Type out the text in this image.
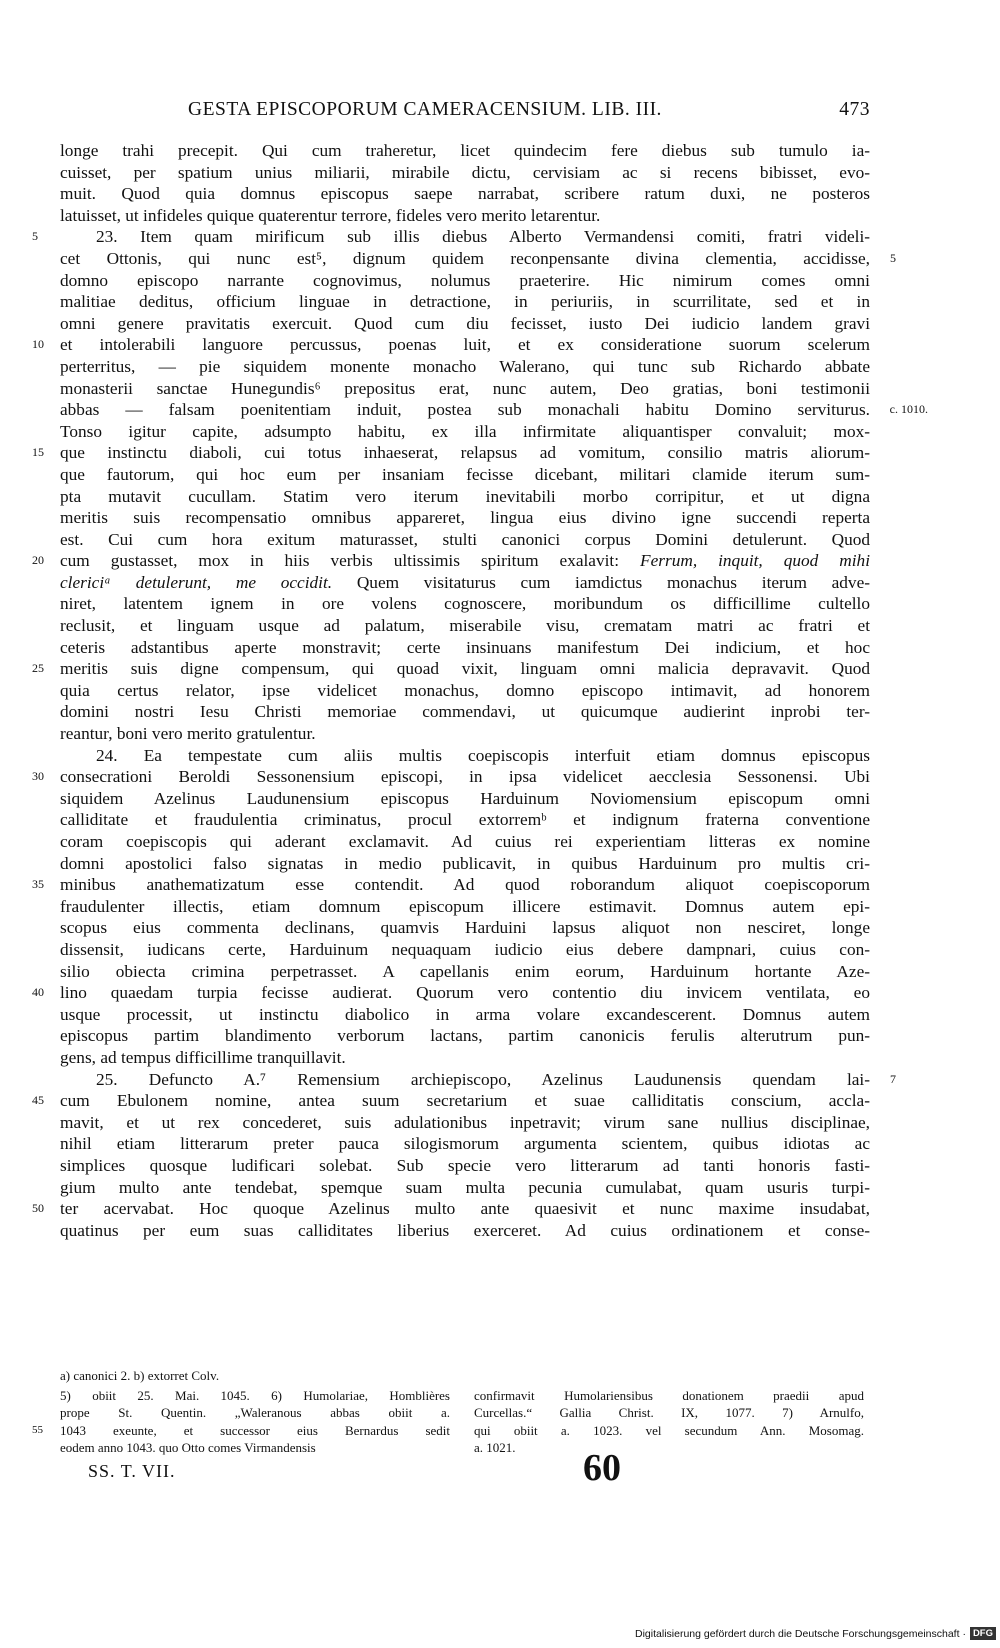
GESTA EPISCOPORUM CAMERACENSIUM. LIB. III.	473
longe trahi precepit. Qui cum traheretur, licet quindecim fere diebus sub tumulo ia-
cuisset, per spatium unius miliarii, mirabile dictu, cervisiam ac si recens bibisset, evo-
muit. Quod quia domnus episcopus saepe narrabat, scribere ratum duxi, ne posteros
latuisset, ut infideles quique quaterentur terrore, fideles vero merito letarentur.
5	23. Item quam mirificum sub illis diebus Alberto Vermandensi comiti, fratri videli-
cet Ottonis, qui nunc est⁵, dignum quidem reconpensante divina clementia, accidisse, 5
domno episcopo narrante cognovimus, nolumus praeterire. Hic nimirum comes omni
malitiae deditus, officium linguae in detractione, in periuriis, in scurrilitate, sed et in
omni genere pravitatis exercuit. Quod cum diu fecisset, iusto Dei iudicio landem gravi
10 et intolerabili languore percussus, poenas luit, et ex consideratione suorum scelerum
perterritus, — pie siquidem monente monacho Walerano, qui tunc sub Richardo abbate
monasterii sanctae Hunegundis⁶ prepositus erat, nunc autem, Deo gratias, boni testimonii
abbas — falsam poenitentiam induit, postea sub monachali habitu Domino serviturus. c. 1010.
Tonso igitur capite, adsumpto habitu, ex illa infirmitate aliquantisper convaluit; mox-
15 que instinctu diaboli, cui totus inhaeserat, relapsus ad vomitum, consilio matris aliorum-
que fautorum, qui hoc eum per insaniam fecisse dicebant, militari clamide iterum sum-
pta mutavit cucullam. Statim vero iterum inevitabili morbo corripitur, et ut digna
meritis suis recompensatio omnibus appareret, lingua eius divino igne succendi reperta
est. Cui cum hora exitum maturasset, stulti canonici corpus Domini detulerunt. Quod
20 cum gustasset, mox in hiis verbis ultissimis spiritum exalavit: Ferrum, inquit, quod mihi
clericiᵃ detulerunt, me occidit. Quem visitaturus cum iamdictus monachus iterum adve-
niret, latentem ignem in ore volens cognoscere, moribundum os difficillime cultello
reclusit, et linguam usque ad palatum, miserabile visu, crematam matri ac fratri et
ceteris adstantibus aperte monstravit; certe insinuans manifestum Dei indicium, et hoc
25 meritis suis digne compensum, qui quoad vixit, linguam omni malicia depravavit. Quod
quia certus relator, ipse videlicet monachus, domno episcopo intimavit, ad honorem
domini nostri Iesu Christi memoriae commendavi, ut quicumque audierint inprobi ter-
reantur, boni vero merito gratulentur.
24. Ea tempestate cum aliis multis coepiscopis interfuit etiam domnus episcopus
30 consecrationi Beroldi Sessonensium episcopi, in ipsa videlicet aecclesia Sessonensi. Ubi
siquidem Azelinus Laudunensium episcopus Harduinum Noviomensium episcopum omni
calliditate et fraudulentia criminatus, procul extorremᵇ et indignum fraterna conventione
coram coepiscopis qui aderant exclamavit. Ad cuius rei experientiam litteras ex nomine
domni apostolici falso signatas in medio publicavit, in quibus Harduinum pro multis cri-
35 minibus anathematizatum esse contendit. Ad quod roborandum aliquot coepiscoporum
fraudulenter illectis, etiam domnum episcopum illicere estimavit. Domnus autem epi-
scopus eius commenta declinans, quamvis Harduini lapsus aliquot non nesciret, longe
dissensit, iudicans certe, Harduinum nequaquam iudicio eius debere dampnari, cuius con-
silio obiecta crimina perpetrasset. A capellanis enim eorum, Harduinum hortante Aze-
40 lino quaedam turpia fecisse audierat. Quorum vero contentio diu invicem ventilata, eo
usque processit, ut instinctu diabolico in arma volare excandescerent. Domnus autem
episcopus partim blandimento verborum lactans, partim canonicis ferulis alterutrum pun-
gens, ad tempus difficillime tranquillavit.
25. Defuncto A.⁷ Remensium archiepiscopo, Azelinus Laudunensis quendam lai- 7
45 cum Ebulonem nomine, antea suum secretarium et suae calliditatis conscium, accla-
mavit, et ut rex concederet, suis adulationibus inpetravit; virum sane nullius disciplinae,
nihil etiam litterarum preter pauca silogismorum argumenta scientem, quibus idiotas ac
simplices quosque ludificari solebat. Sub specie vero litterarum ad tanti honoris fasti-
gium multo ante tendebat, spemque suam multa pecunia cumulabat, quam usuris turpi-
50 ter acervabat. Hoc quoque Azelinus multo ante quaesivit et nunc maxime insudabat,
quatinus per eum suas calliditates liberius exerceret. Ad cuius ordinationem et conse-
a) canonici 2. b) extorret Colv.
5) obiit 25. Mai. 1045. 6) Humolariae, Homblières
prope St. Quentin. „Waleranous abbas obiit a.
55	1043 exeunte, et successor eius Bernardus sedit
eodem anno 1043. quo Otto comes Virmandensis
confirmavit Humolariensibus donationem praedii apud
Curcellas.“ Gallia Christ. IX, 1077. 7) Arnulfo,
qui obiit a. 1023. vel secundum Ann. Mosomag.
a. 1021.
SS. T. VII.	60
Digitalisierung gefördert durch die Deutsche Forschungsgemeinschaft · DFG
